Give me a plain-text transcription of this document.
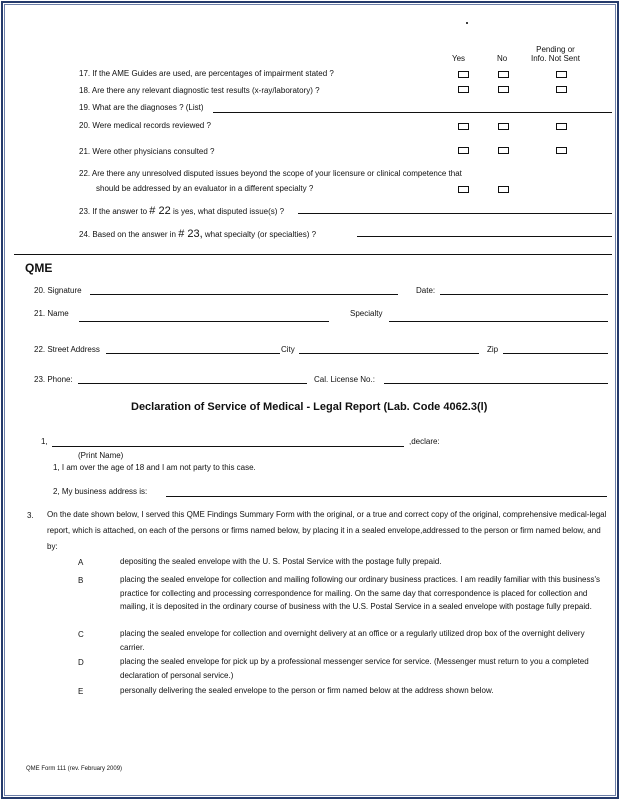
Yes	No
Pending or
Info. Not Sent
17. If the AME Guides are used, are percentages of impairment stated ?
18. Are there any relevant diagnostic test results (x-ray/laboratory) ?
19. What are the diagnoses ? (List)
20. Were medical records reviewed ?
21. Were other physicians consulted ?
22. Are there any unresolved disputed issues beyond the scope of your licensure or clinical competence that
should be addressed by an evaluator in a different specialty ?
23. If the answer to # 22 is yes, what disputed issue(s) ?
24. Based on the answer in # 23, what specialty (or specialties) ?
QME
20. Signature	Date:
21. Name	Specialty
22. Street Address	City	Zip
23. Phone:	Cal. License No.:
Declaration of Service of Medical - Legal Report (Lab. Code 4062.3(l)
1,	,declare:
(Print Name)
1, I am over the age of 18 and I am not party to this case.
2, My business address is:
3. On the date shown below, I served this QME Findings Summary Form with the original, or a true and correct copy of the original, comprehensive medical-legal report, which is attached, on each of the persons or firms named below, by placing it in a sealed envelope,addressed to the person or firm named below, and by:
A	depositing the sealed envelope with the U. S. Postal Service with the postage fully prepaid.
B	placing the sealed envelope for collection and mailing following our ordinary business practices. I am readily familiar with this business's practice for collecting and processing correspondence for mailing. On the same day that correspondence is placed for collection and mailing, it is deposited in the ordinary course of business with the U.S. Postal Service in a sealed envelope with postage fully prepaid.
C	placing the sealed envelope for collection and overnight delivery at an office or a regularly utilized drop box of the overnight delivery carrier.
D	placing the sealed envelope for pick up by a professional messenger service for service. (Messenger must return to you a completed declaration of personal service.)
E	personally delivering the sealed envelope to the person or firm named below at the address shown below.
QME Form 111 (rev. February 2009)
